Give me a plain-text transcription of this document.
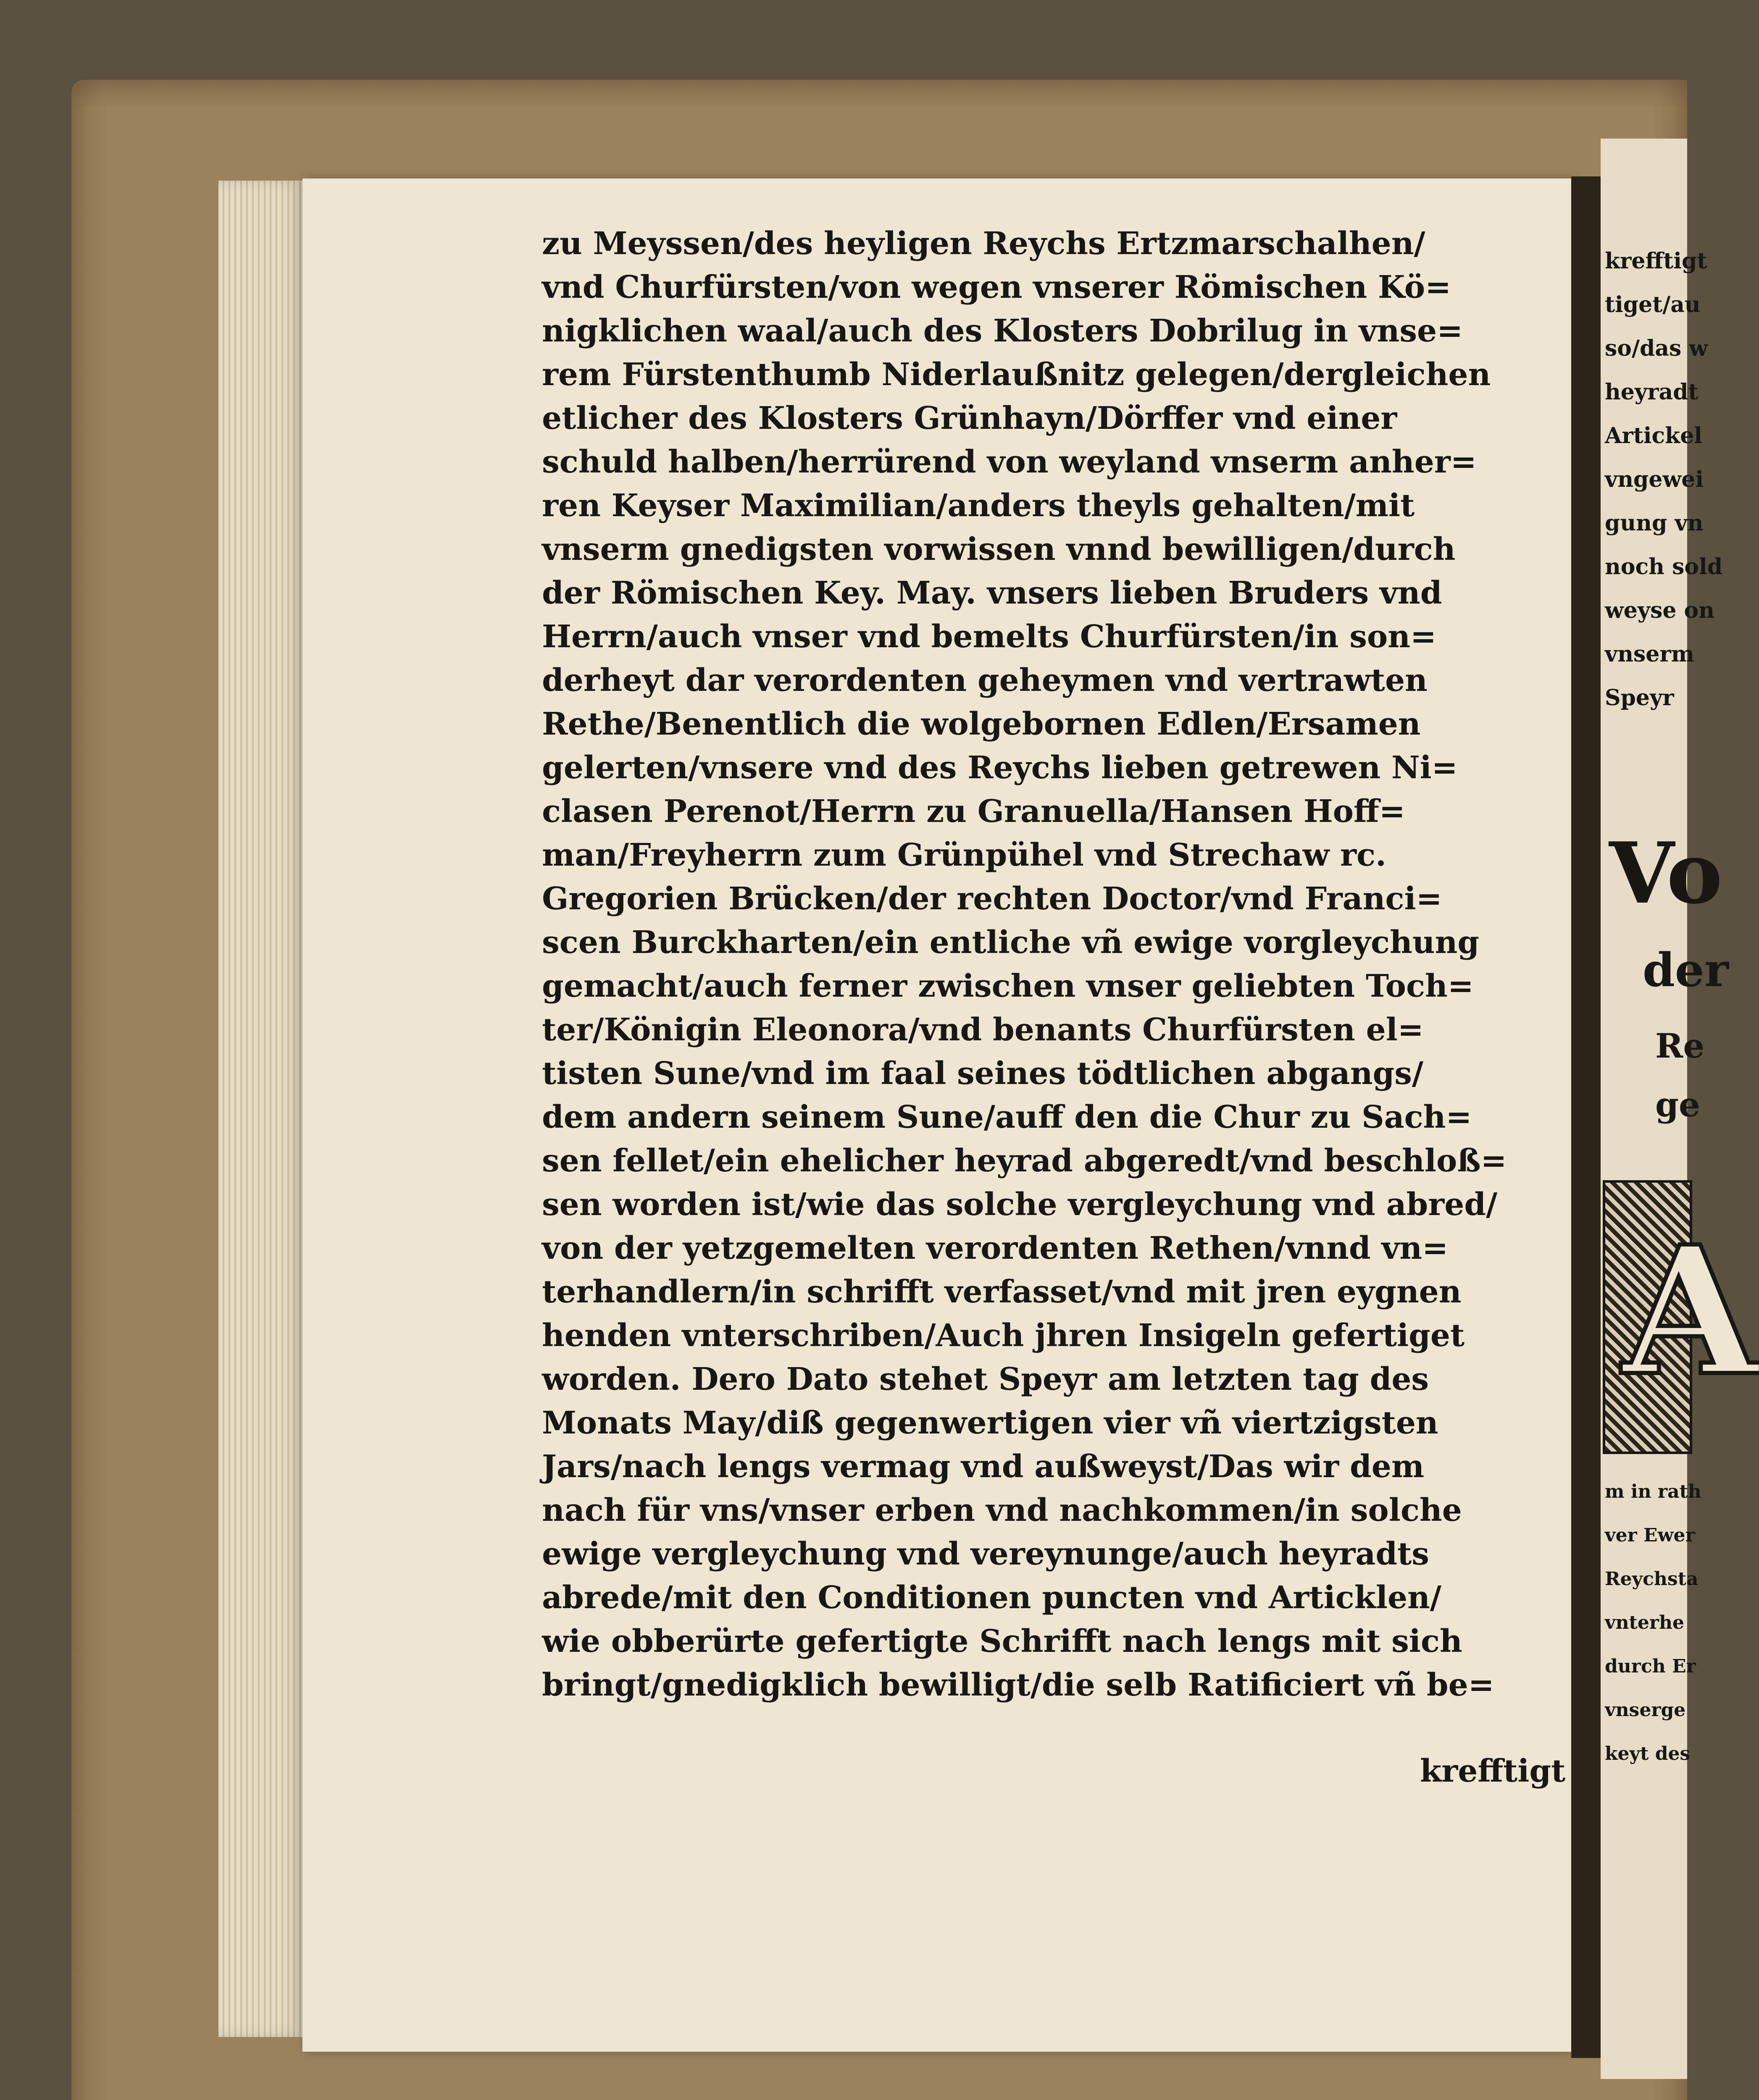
zu Meyssen/des heyligen Reychs Ertzmarschalhen/
vnd Churfürsten/von wegen vnserer Römischen Kö=
nigklichen waal/auch des Klosters Dobrilug in vnse=
rem Fürstenthumb Niderlaußnitz gelegen/dergleichen
etlicher des Klosters Grünhayn/Dörffer vnd einer
schuld halben/herrürend von weyland vnserm anher=
ren Keyser Maximilian/anders theyls gehalten/mit
vnserm gnedigsten vorwissen vnnd bewilligen/durch
der Römischen Key. May. vnsers lieben Bruders vnd
Herrn/auch vnser vnd bemelts Churfürsten/in son=
derheyt dar verordenten geheymen vnd vertrawten
Rethe/Benentlich die wolgebornen Edlen/Ersamen
gelerten/vnsere vnd des Reychs lieben getrewen Ni=
clasen Perenot/Herrn zu Granuella/Hansen Hoff=
man/Freyherrn zum Grünpühel vnd Strechaw rc.
Gregorien Brücken/der rechten Doctor/vnd Franci=
scen Burckharten/ein entliche vñ ewige vorgleychung
gemacht/auch ferner zwischen vnser geliebten Toch=
ter/Königin Eleonora/vnd benants Churfürsten el=
tisten Sune/vnd im faal seines tödtlichen abgangs/
dem andern seinem Sune/auff den die Chur zu Sach=
sen fellet/ein ehelicher heyrad abgeredt/vnd beschloß=
sen worden ist/wie das solche vergleychung vnd abred/
von der yetzgemelten verordenten Rethen/vnnd vn=
terhandlern/in schrifft verfasset/vnd mit jren eygnen
henden vnterschriben/Auch jhren Insigeln gefertiget
worden. Dero Dato stehet Speyr am letzten tag des
Monats May/diß gegenwertigen vier vñ viertzigsten
Jars/nach lengs vermag vnd außweyst/Das wir dem
nach für vns/vnser erben vnd nachkommen/in solche
ewige vergleychung vnd vereynunge/auch heyradts
abrede/mit den Conditionen puncten vnd Articklen/
wie obberürte gefertigte Schrifft nach lengs mit sich
bringt/gnedigklich bewilligt/die selb Ratificiert vñ be=
krefftigt
krefftigt
tiget/au
so/das w
heyradt
Artickel
vngewei
gung vn
noch sold
weyse on
vnserm
Speyr
Vo
der
Re
ge
A
m in rath
ver Ewer
Reychsta
vnterhe
durch Er
vnserge
keyt des
